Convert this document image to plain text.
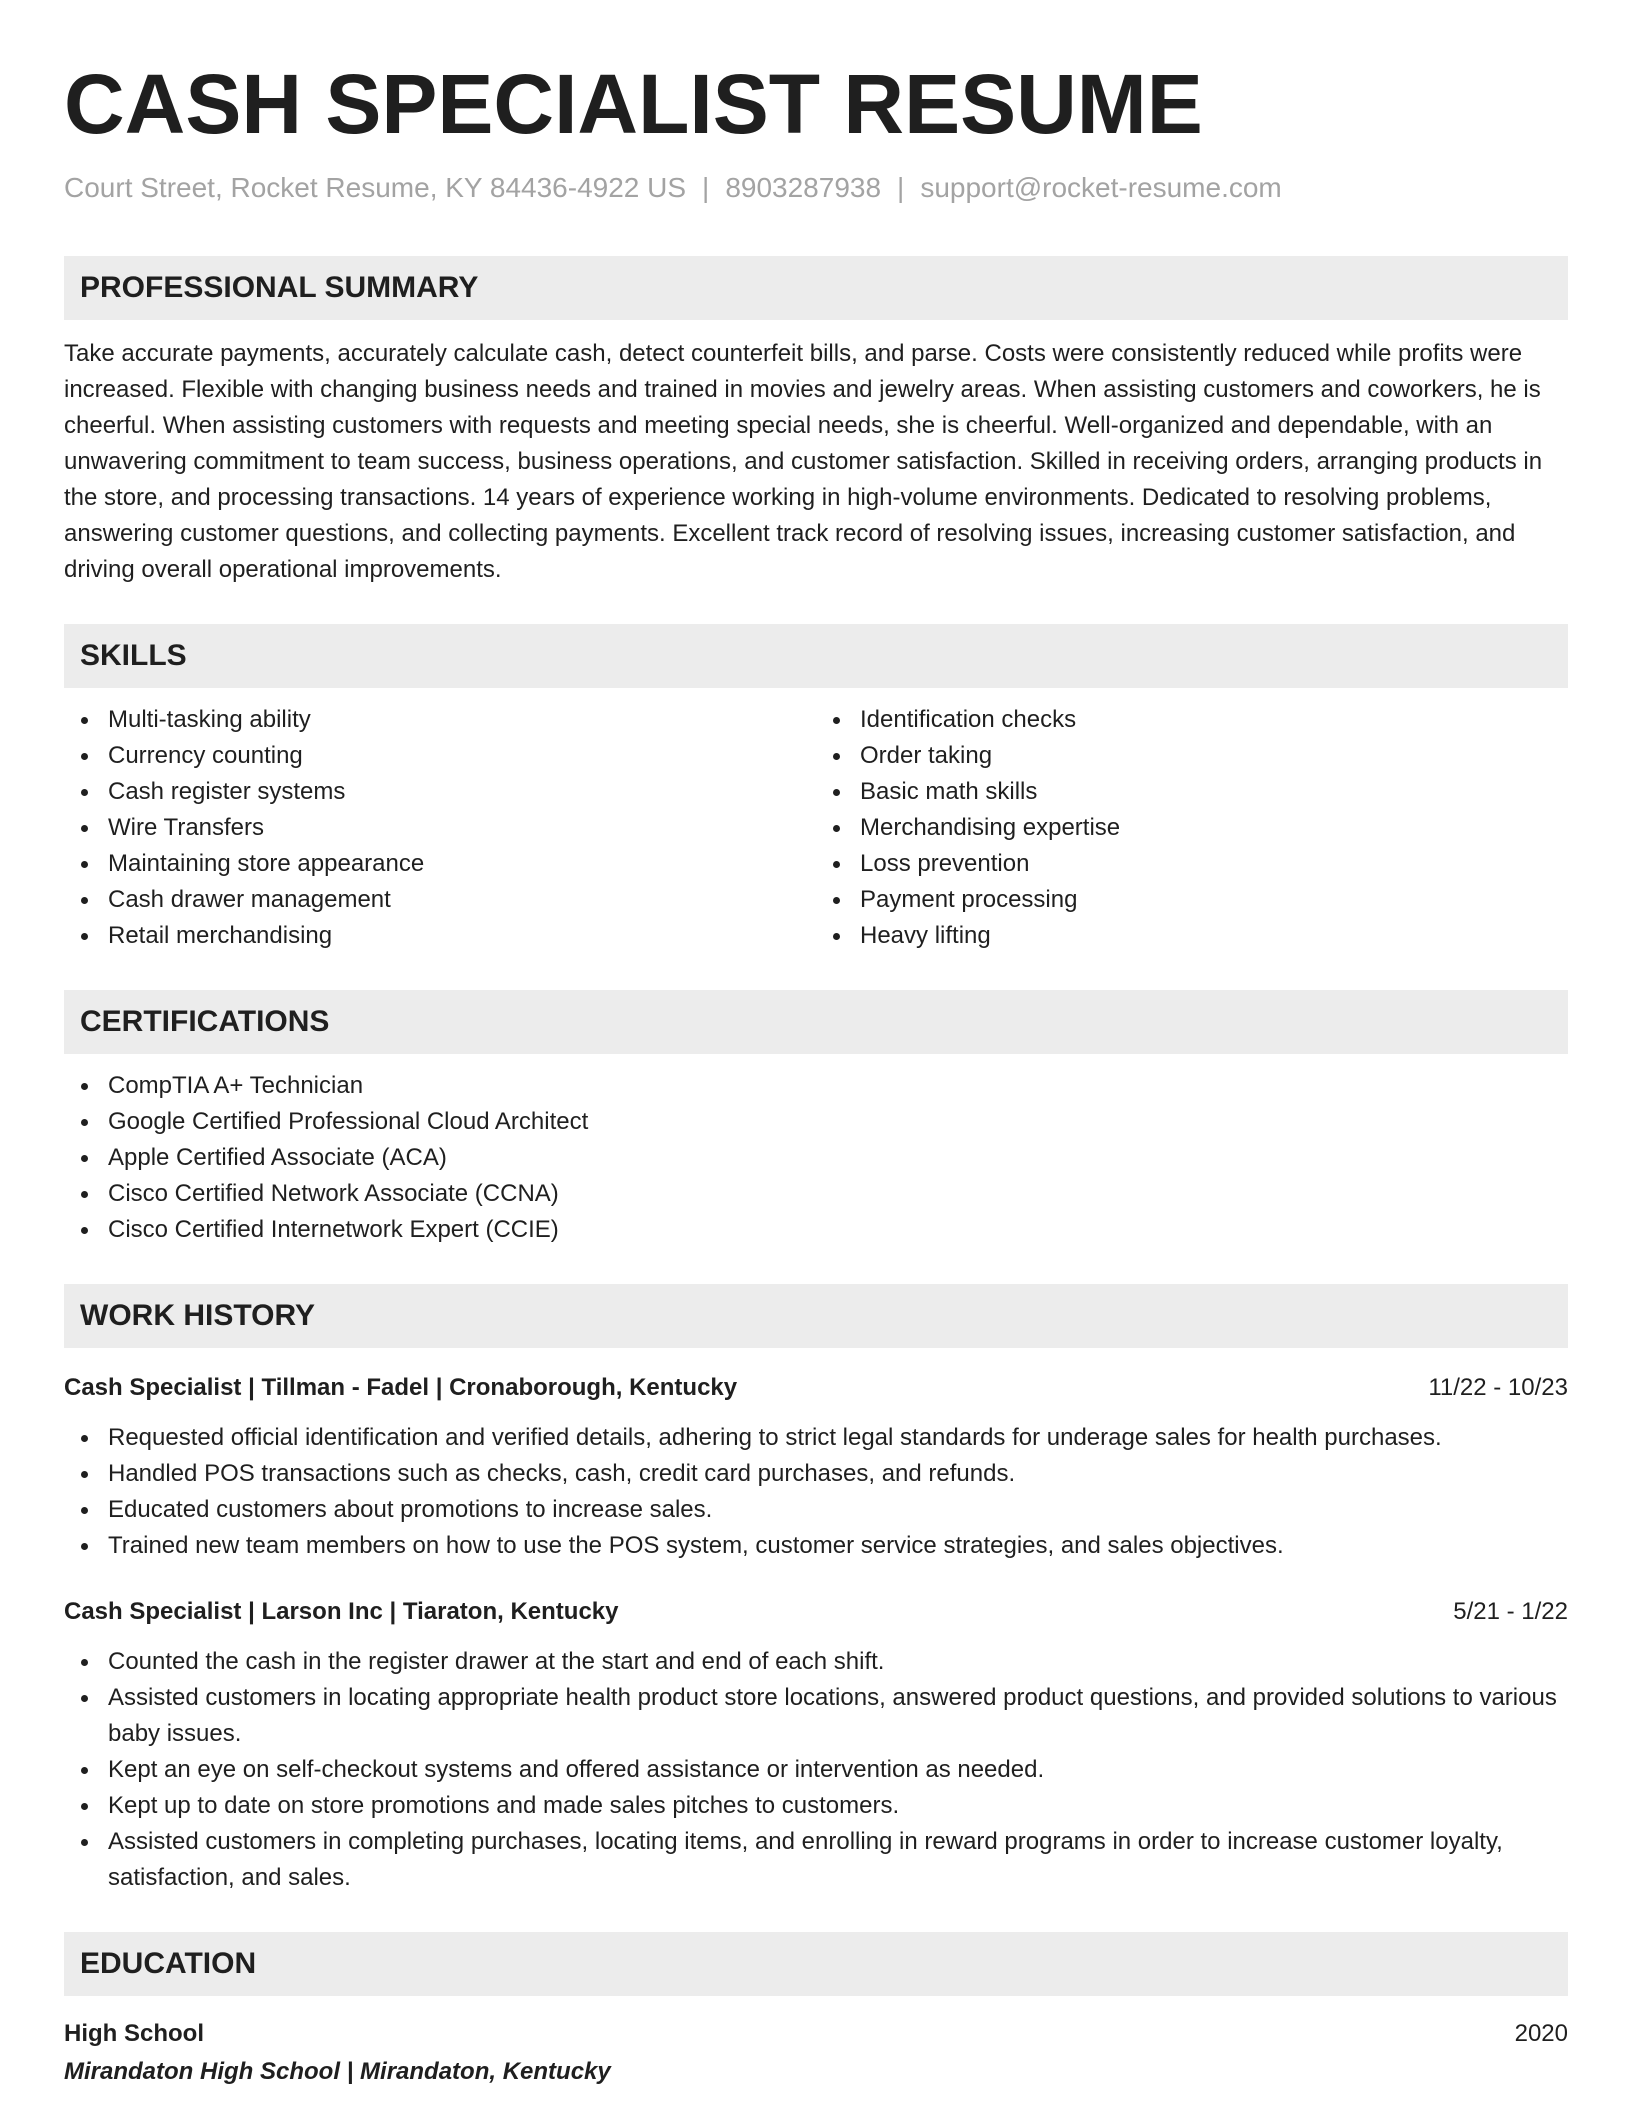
CASH SPECIALIST RESUME
Court Street, Rocket Resume, KY 84436-4922 US | 8903287938 | support@rocket-resume.com
PROFESSIONAL SUMMARY
Take accurate payments, accurately calculate cash, detect counterfeit bills, and parse. Costs were consistently reduced while profits were increased. Flexible with changing business needs and trained in movies and jewelry areas. When assisting customers and coworkers, he is cheerful. When assisting customers with requests and meeting special needs, she is cheerful. Well-organized and dependable, with an unwavering commitment to team success, business operations, and customer satisfaction. Skilled in receiving orders, arranging products in the store, and processing transactions. 14 years of experience working in high-volume environments. Dedicated to resolving problems, answering customer questions, and collecting payments. Excellent track record of resolving issues, increasing customer satisfaction, and driving overall operational improvements.
SKILLS
Multi-tasking ability
Currency counting
Cash register systems
Wire Transfers
Maintaining store appearance
Cash drawer management
Retail merchandising
Identification checks
Order taking
Basic math skills
Merchandising expertise
Loss prevention
Payment processing
Heavy lifting
CERTIFICATIONS
CompTIA A+ Technician
Google Certified Professional Cloud Architect
Apple Certified Associate (ACA)
Cisco Certified Network Associate (CCNA)
Cisco Certified Internetwork Expert (CCIE)
WORK HISTORY
Cash Specialist | Tillman - Fadel | Cronaborough, Kentucky	11/22 - 10/23
Requested official identification and verified details, adhering to strict legal standards for underage sales for health purchases.
Handled POS transactions such as checks, cash, credit card purchases, and refunds.
Educated customers about promotions to increase sales.
Trained new team members on how to use the POS system, customer service strategies, and sales objectives.
Cash Specialist | Larson Inc | Tiaraton, Kentucky	5/21 - 1/22
Counted the cash in the register drawer at the start and end of each shift.
Assisted customers in locating appropriate health product store locations, answered product questions, and provided solutions to various baby issues.
Kept an eye on self-checkout systems and offered assistance or intervention as needed.
Kept up to date on store promotions and made sales pitches to customers.
Assisted customers in completing purchases, locating items, and enrolling in reward programs in order to increase customer loyalty, satisfaction, and sales.
EDUCATION
High School	2020
Mirandaton High School | Mirandaton, Kentucky
